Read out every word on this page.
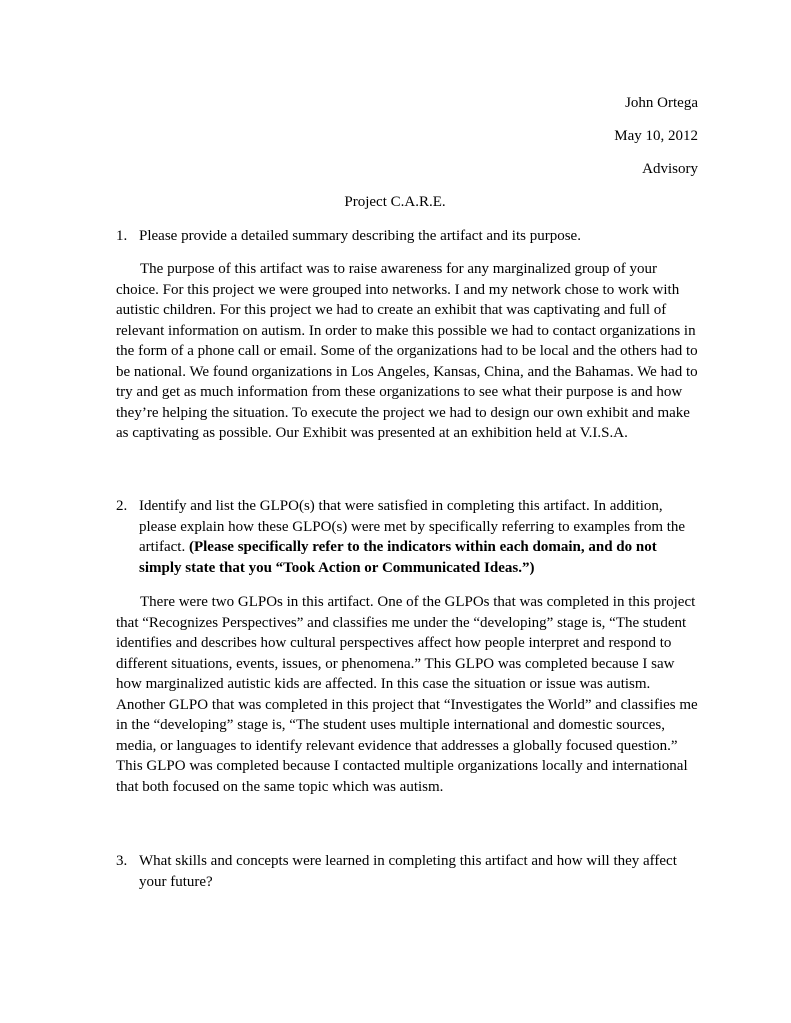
John Ortega
May 10, 2012
Advisory
Project C.A.R.E.
1. Please provide a detailed summary describing the artifact and its purpose.

The purpose of this artifact was to raise awareness for any marginalized group of your choice. For this project we were grouped into networks. I and my network chose to work with autistic children. For this project we had to create an exhibit that was captivating and full of relevant information on autism. In order to make this possible we had to contact organizations in the form of a phone call or email. Some of the organizations had to be local and the others had to be national. We found organizations in Los Angeles, Kansas, China, and the Bahamas. We had to try and get as much information from these organizations to see what their purpose is and how they’re helping the situation. To execute the project we had to design our own exhibit and make as captivating as possible. Our Exhibit was presented at an exhibition held at V.I.S.A.

2. Identify and list the GLPO(s) that were satisfied in completing this artifact. In addition, please explain how these GLPO(s) were met by specifically referring to examples from the artifact. (Please specifically refer to the indicators within each domain, and do not simply state that you “Took Action or Communicated Ideas.”)

There were two GLPOs in this artifact. One of the GLPOs that was completed in this project that “Recognizes Perspectives” and classifies me under the “developing” stage is, “The student identifies and describes how cultural perspectives affect how people interpret and respond to different situations, events, issues, or phenomena.” This GLPO was completed because I saw how marginalized autistic kids are affected. In this case the situation or issue was autism. Another GLPO that was completed in this project that “Investigates the World” and classifies me in the “developing” stage is, “The student uses multiple international and domestic sources, media, or languages to identify relevant evidence that addresses a globally focused question.” This GLPO was completed because I contacted multiple organizations locally and international that both focused on the same topic which was autism.

3. What skills and concepts were learned in completing this artifact and how will they affect your future?
